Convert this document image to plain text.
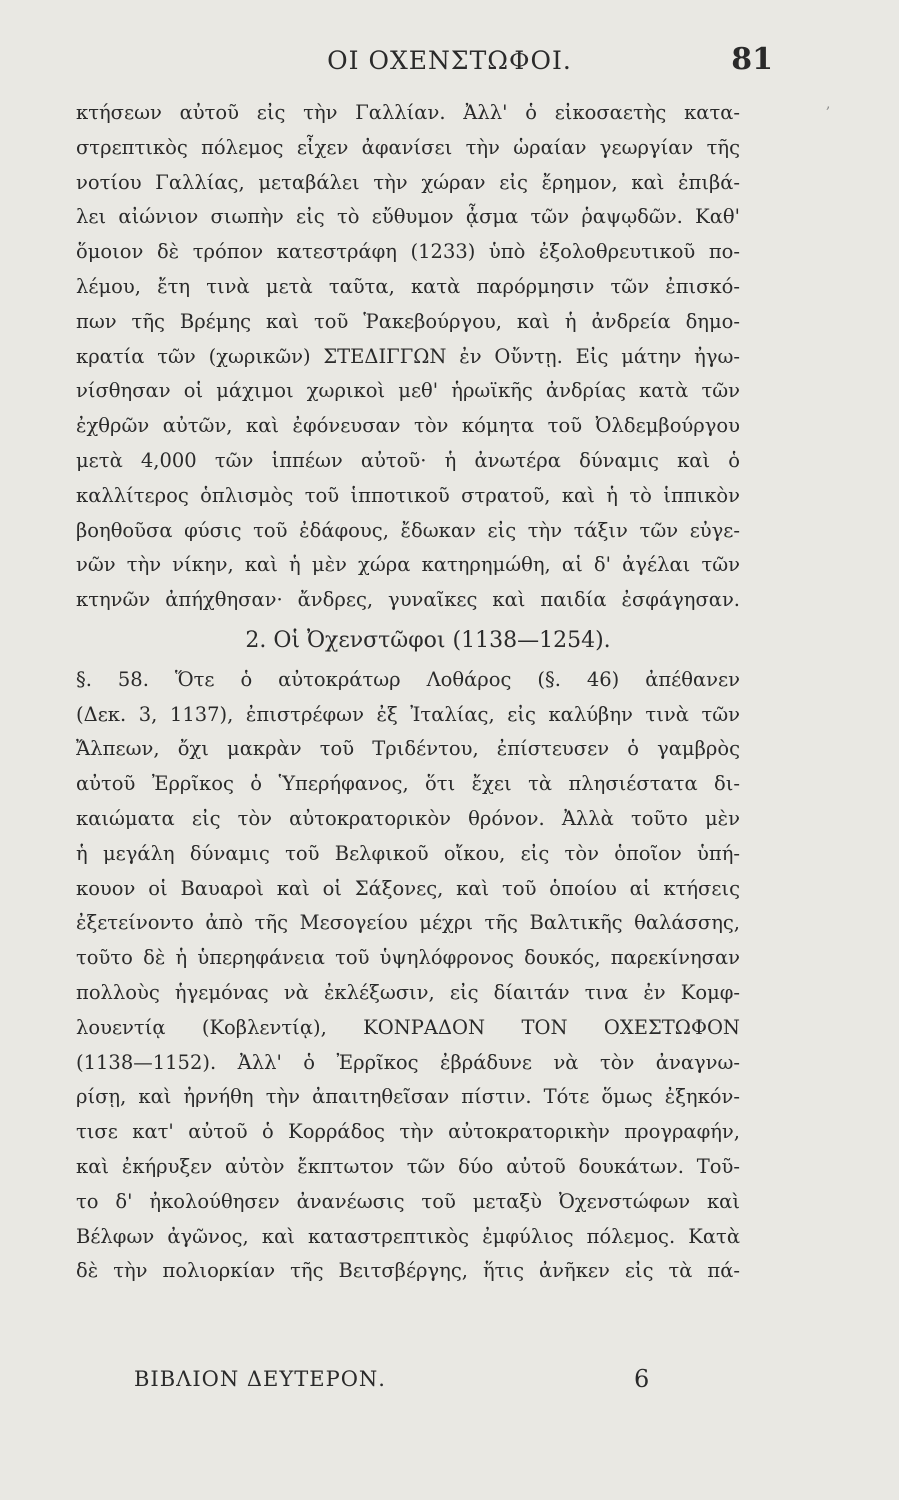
ΟΙ ΟΧΕΝΣΤΩΦΟΙ.	81
,
κτήσεων αὐτοῦ εἰς τὴν Γαλλίαν. Ἀλλ' ὁ εἰκοσαετὴς κατα-
στρεπτικὸς πόλεμος εἶχεν ἀφανίσει τὴν ὡραίαν γεωργίαν τῆς
νοτίου Γαλλίας, μεταβάλει τὴν χώραν εἰς ἔρημον, καὶ ἐπιβά-
λει αἰώνιον σιωπὴν εἰς τὸ εὔθυμον ᾆσμα τῶν ῥαψῳδῶν. Καθ'
ὅμοιον δὲ τρόπον κατεστράφη (1233) ὑπὸ ἐξολοθρευτικοῦ πο-
λέμου, ἔτη τινὰ μετὰ ταῦτα, κατὰ παρόρμησιν τῶν ἐπισκό-
πων τῆς Βρέμης καὶ τοῦ Ῥακεβούργου, καὶ ἡ ἀνδρεία δημο-
κρατία τῶν (χωρικῶν) ΣΤΕΔΙΓΓΩΝ ἐν Οὔντῃ. Εἰς μάτην ἠγω-
νίσθησαν οἱ μάχιμοι χωρικοὶ μεθ' ἡρωϊκῆς ἀνδρίας κατὰ τῶν
ἐχθρῶν αὐτῶν, καὶ ἐφόνευσαν τὸν κόμητα τοῦ Ὀλδεμβούργου
μετὰ 4,000 τῶν ἱππέων αὐτοῦ· ἡ ἀνωτέρα δύναμις καὶ ὁ
καλλίτερος ὁπλισμὸς τοῦ ἱπποτικοῦ στρατοῦ, καὶ ἡ τὸ ἱππικὸν
βοηθοῦσα φύσις τοῦ ἐδάφους, ἔδωκαν εἰς τὴν τάξιν τῶν εὐγε-
νῶν τὴν νίκην, καὶ ἡ μὲν χώρα κατηρημώθη, αἱ δ' ἀγέλαι τῶν
κτηνῶν ἀπήχθησαν· ἄνδρες, γυναῖκες καὶ παιδία ἐσφάγησαν.
2. Οἱ Ὀχενστῶφοι (1138—1254).
§. 58. Ὅτε ὁ αὐτοκράτωρ Λοθάρος (§. 46) ἀπέθανεν
(Δεκ. 3, 1137), ἐπιστρέφων ἐξ Ἰταλίας, εἰς καλύβην τινὰ τῶν
Ἄλπεων, ὄχι μακρὰν τοῦ Τριδέντου, ἐπίστευσεν ὁ γαμβρὸς
αὐτοῦ Ἐρρῖκος ὁ Ὑπερήφανος, ὅτι ἔχει τὰ πλησιέστατα δι-
καιώματα εἰς τὸν αὐτοκρατορικὸν θρόνον. Ἀλλὰ τοῦτο μὲν
ἡ μεγάλη δύναμις τοῦ Βελφικοῦ οἴκου, εἰς τὸν ὁποῖον ὑπή-
κουον οἱ Βαυαροὶ καὶ οἱ Σάξονες, καὶ τοῦ ὁποίου αἱ κτήσεις
ἐξετείνοντο ἀπὸ τῆς Μεσογείου μέχρι τῆς Βαλτικῆς θαλάσσης,
τοῦτο δὲ ἡ ὑπερηφάνεια τοῦ ὑψηλόφρονος δουκός, παρεκίνησαν
πολλοὺς ἡγεμόνας νὰ ἐκλέξωσιν, εἰς δίαιτάν τινα ἐν Κομφ-
λουεντίᾳ (Κοβλεντίᾳ), ΚΟΝΡΑΔΟΝ ΤΟΝ ΟΧΕΣΤΩΦΟΝ
(1138—1152). Ἀλλ' ὁ Ἐρρῖκος ἐβράδυνε νὰ τὸν ἀναγνω-
ρίσῃ, καὶ ἠρνήθη τὴν ἀπαιτηθεῖσαν πίστιν. Τότε ὅμως ἐξηκόν-
τισε κατ' αὐτοῦ ὁ Κορράδος τὴν αὐτοκρατορικὴν προγραφήν,
καὶ ἐκήρυξεν αὐτὸν ἔκπτωτον τῶν δύο αὐτοῦ δουκάτων. Τοῦ-
το δ' ἠκολούθησεν ἀνανέωσις τοῦ μεταξὺ Ὀχενστώφων καὶ
Βέλφων ἀγῶνος, καὶ καταστρεπτικὸς ἐμφύλιος πόλεμος. Κατὰ
δὲ τὴν πολιορκίαν τῆς Βειτσβέργης, ἥτις ἀνῆκεν εἰς τὰ πά-
ΒΙΒΛΙΟΝ ΔΕΥΤΕΡΟΝ.	6
